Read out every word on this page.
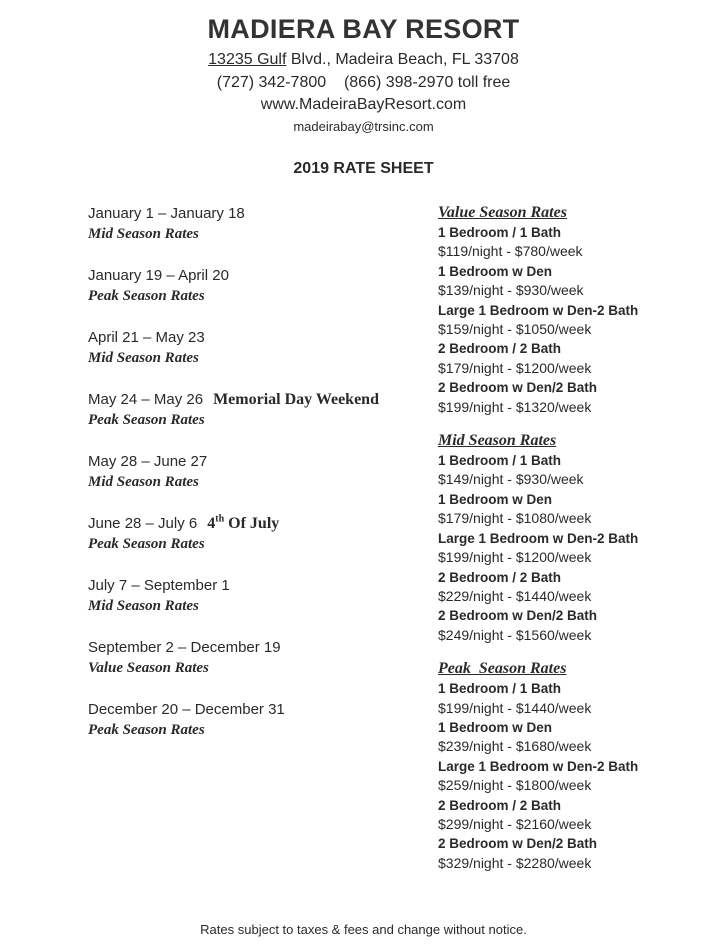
MADIERA BAY RESORT
13235 Gulf Blvd., Madeira Beach, FL 33708
(727) 342-7800 (866) 398-2970 toll free
www.MadeiraBayResort.com
madeirabay@trsinc.com
2019 RATE SHEET
January 1 – January 18
Mid Season Rates
January 19 – April 20
Peak Season Rates
April 21 – May 23
Mid Season Rates
May 24 – May 26 Memorial Day Weekend
Peak Season Rates
May 28 – June 27
Mid Season Rates
June 28 – July 6 4th Of July
Peak Season Rates
July 7 – September 1
Mid Season Rates
September 2 – December 19
Value Season Rates
December 20 – December 31
Peak Season Rates
Value Season Rates
1 Bedroom / 1 Bath
$119/night - $780/week
1 Bedroom w Den
$139/night - $930/week
Large 1 Bedroom w Den-2 Bath
$159/night - $1050/week
2 Bedroom / 2 Bath
$179/night - $1200/week
2 Bedroom w Den/2 Bath
$199/night - $1320/week
Mid Season Rates
1 Bedroom / 1 Bath
$149/night - $930/week
1 Bedroom w Den
$179/night - $1080/week
Large 1 Bedroom w Den-2 Bath
$199/night - $1200/week
2 Bedroom / 2 Bath
$229/night - $1440/week
2 Bedroom w Den/2 Bath
$249/night - $1560/week
Peak  Season Rates
1 Bedroom / 1 Bath
$199/night - $1440/week
1 Bedroom w Den
$239/night - $1680/week
Large 1 Bedroom w Den-2 Bath
$259/night - $1800/week
2 Bedroom / 2 Bath
$299/night - $2160/week
2 Bedroom w Den/2 Bath
$329/night - $2280/week
Rates subject to taxes & fees and change without notice.
